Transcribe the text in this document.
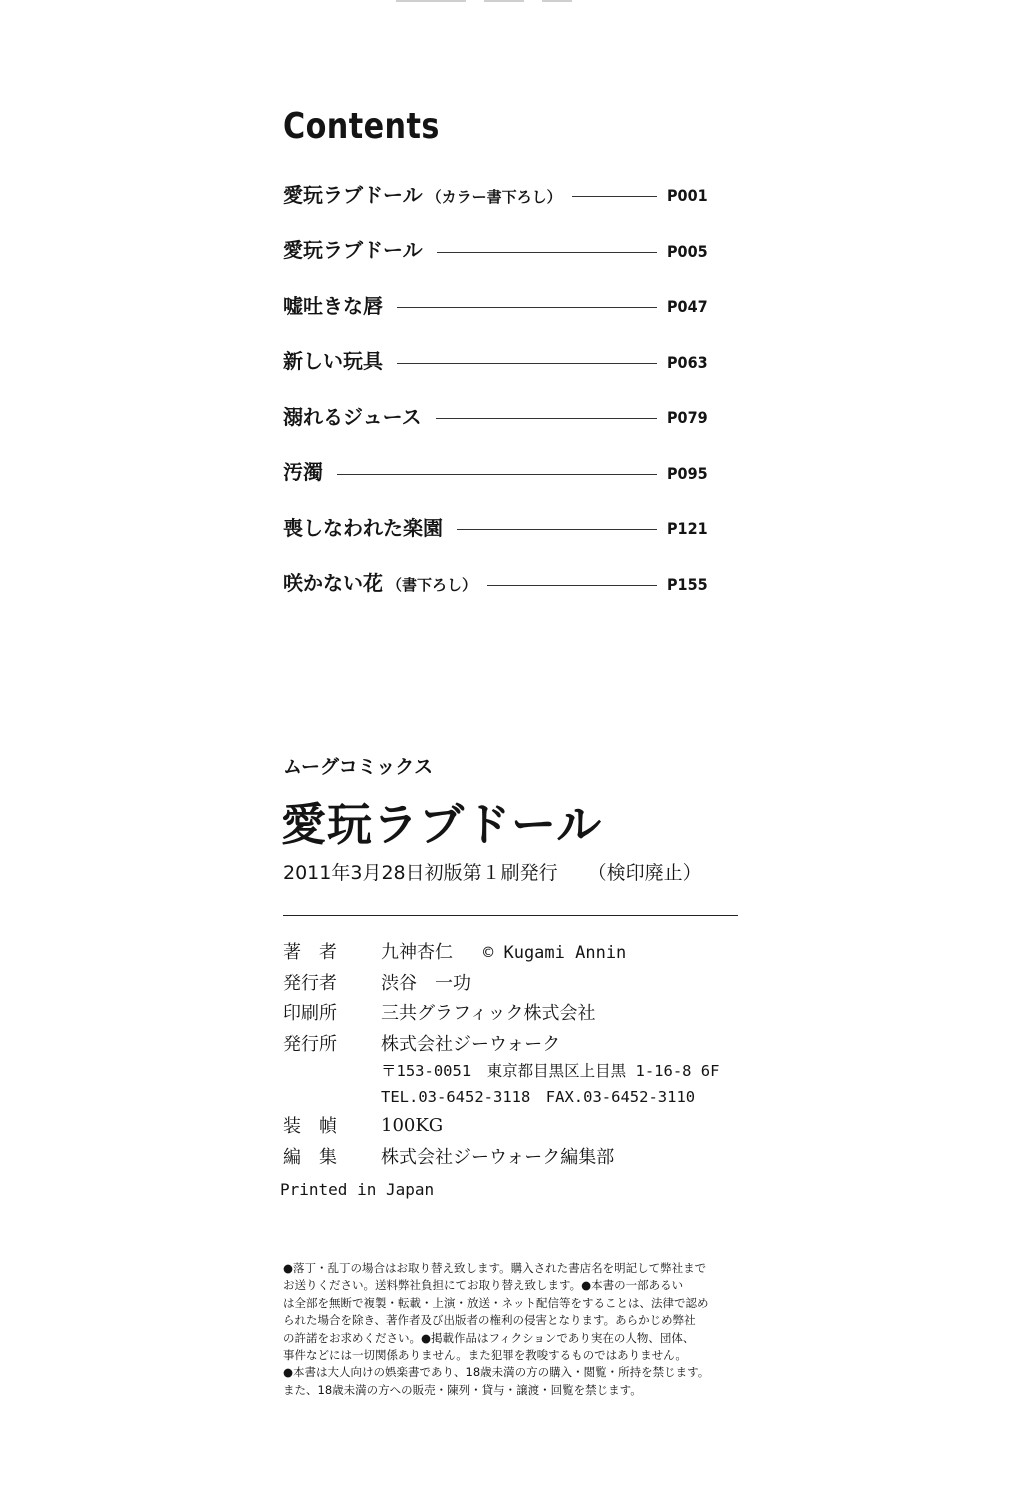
Contents
愛玩ラブドール （カラー書下ろし）	P001
愛玩ラブドール	P005
嘘吐きな唇	P047
新しい玩具	P063
溺れるジュース	P079
汚濁	P095
喪しなわれた楽園	P121
咲かない花 （書下ろし）	P155
ムーグコミックス
愛玩ラブドール
2011年3月28日初版第１刷発行 （検印廃止）
著　者	九神杏仁 © Kugami Annin
発行者	渋谷　一功
印刷所	三共グラフィック株式会社
発行所	株式会社ジーウォーク
〒153-0051　東京都目黒区上目黒 1-16-8 6F
TEL.03-6452-3118　FAX.03-6452-3110
装　幀	100KG
編　集	株式会社ジーウォーク編集部
Printed in Japan

●落丁・乱丁の場合はお取り替え致します。購入された書店名を明記して弊社まで

お送りください。送料弊社負担にてお取り替え致します。●本書の一部あるい

は全部を無断で複製・転載・上演・放送・ネット配信等をすることは、法律で認め

られた場合を除き、著作者及び出版者の権利の侵害となります。あらかじめ弊社

の許諾をお求めください。●掲載作品はフィクションであり実在の人物、団体、

事件などには一切関係ありません。また犯罪を教唆するものではありません。

●本書は大人向けの娯楽書であり、18歳未満の方の購入・閲覧・所持を禁じます。

また、18歳未満の方への販売・陳列・貸与・譲渡・回覧を禁じます。
